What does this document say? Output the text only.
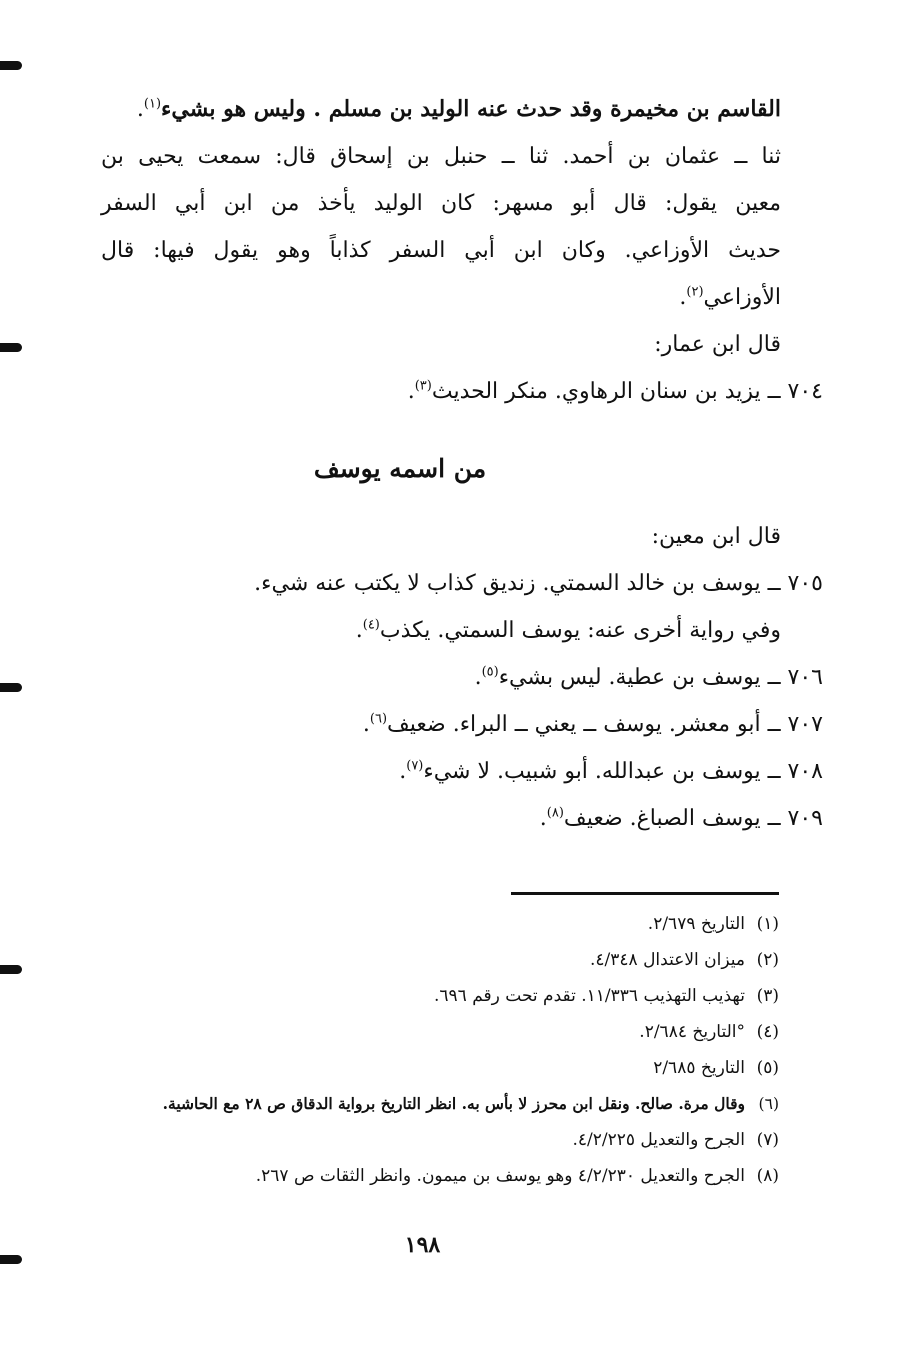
القاسم بن مخيمرة وقد حدث عنه الوليد بن مسلم . وليس هو بشيء$^{(١)}$.
ثنا ــ عثمان بن أحمد. ثنا ــ حنبل بن إسحاق قال: سمعت يحيى بن
معين يقول: قال أبو مسهر: كان الوليد يأخذ من ابن أبي السفر
حديث الأوزاعي. وكان ابن أبي السفر كذاباً وهو يقول فيها: قال
الأوزاعي$^{(٢)}$.
قال ابن عمار:
٧٠٤ ــ يزيد بن سنان الرهاوي. منكر الحديث$^{(٣)}$.
من اسمه يوسف
قال ابن معين:
٧٠٥ ــ يوسف بن خالد السمتي. زنديق كذاب لا يكتب عنه شيء.
وفي رواية أخرى عنه: يوسف السمتي. يكذب$^{(٤)}$.
٧٠٦ ــ يوسف بن عطية. ليس بشيء$^{(٥)}$.
٧٠٧ ــ أبو معشر. يوسف ــ يعني ــ البراء. ضعيف$^{(٦)}$.
٧٠٨ ــ يوسف بن عبدالله. أبو شبيب. لا شيء$^{(٧)}$.
٧٠٩ ــ يوسف الصباغ. ضعيف$^{(٨)}$.
(١)التاريخ ٢/٦٧٩.
(٢)ميزان الاعتدال ٤/٣٤٨.
(٣)تهذيب التهذيب ١١/٣٣٦. تقدم تحت رقم ٦٩٦.
(٤)°التاريخ ٢/٦٨٤.
(٥)التاريخ ٢/٦٨٥
(٦)وقال مرة. صالح. ونقل ابن محرز لا بأس به. انظر التاريخ برواية الدقاق ص ٢٨ مع الحاشية.
(٧)الجرح والتعديل ٤/٢/٢٢٥.
(٨)الجرح والتعديل ٤/٢/٢٣٠ وهو يوسف بن ميمون. وانظر الثقات ص ٢٦٧.
١٩٨
